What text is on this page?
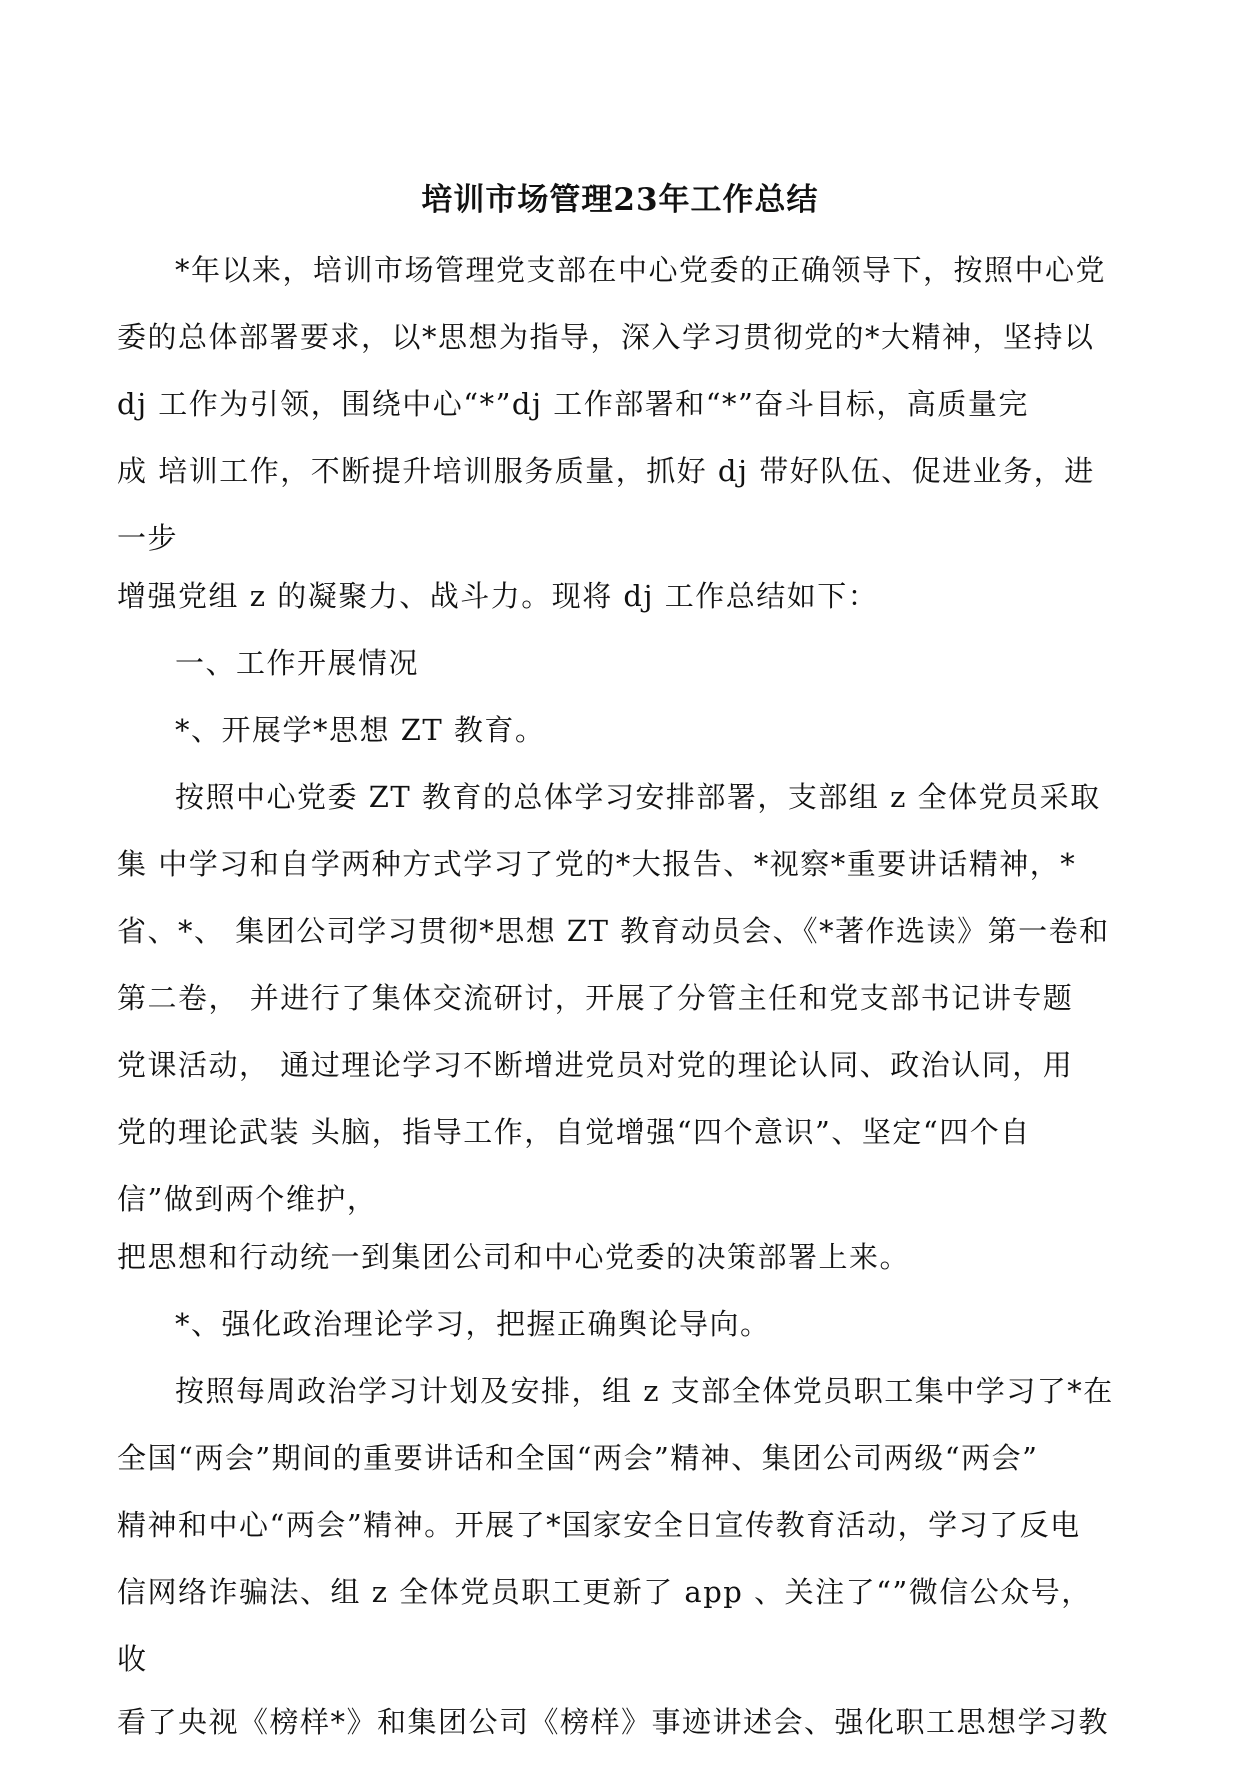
培训市场管理23年工作总结
*年以来，培训市场管理党支部在中心党委的正确领导下，按照中心党
委的总体部署要求，以*思想为指导，深入学习贯彻党的*大精神，坚持以
dj 工作为引领，围绕中心“*”dj 工作部署和“*”奋斗目标，高质量完
成 培训工作，不断提升培训服务质量，抓好 dj 带好队伍、促进业务，进
一步
增强党组 z 的凝聚力、战斗力。现将 dj 工作总结如下：
一、工作开展情况
*、开展学*思想 ZT 教育。
按照中心党委 ZT 教育的总体学习安排部署，支部组 z 全体党员采取
集 中学习和自学两种方式学习了党的*大报告、*视察*重要讲话精神，*
省、*、 集团公司学习贯彻*思想 ZT 教育动员会、《*著作选读》第一卷和
第二卷， 并进行了集体交流研讨，开展了分管主任和党支部书记讲专题
党课活动， 通过理论学习不断增进党员对党的理论认同、政治认同，用
党的理论武装 头脑，指导工作，自觉增强“四个意识”、坚定“四个自
信”做到两个维护，
把思想和行动统一到集团公司和中心党委的决策部署上来。
*、强化政治理论学习，把握正确舆论导向。
按照每周政治学习计划及安排，组 z 支部全体党员职工集中学习了*在
全国“两会”期间的重要讲话和全国“两会”精神、集团公司两级“两会”
精神和中心“两会”精神。开展了*国家安全日宣传教育活动，学习了反电
信网络诈骗法、组 z 全体党员职工更新了 app 、关注了“”微信公众号，
收
看了央视《榜样*》和集团公司《榜样》事迹讲述会、强化职工思想学习教
